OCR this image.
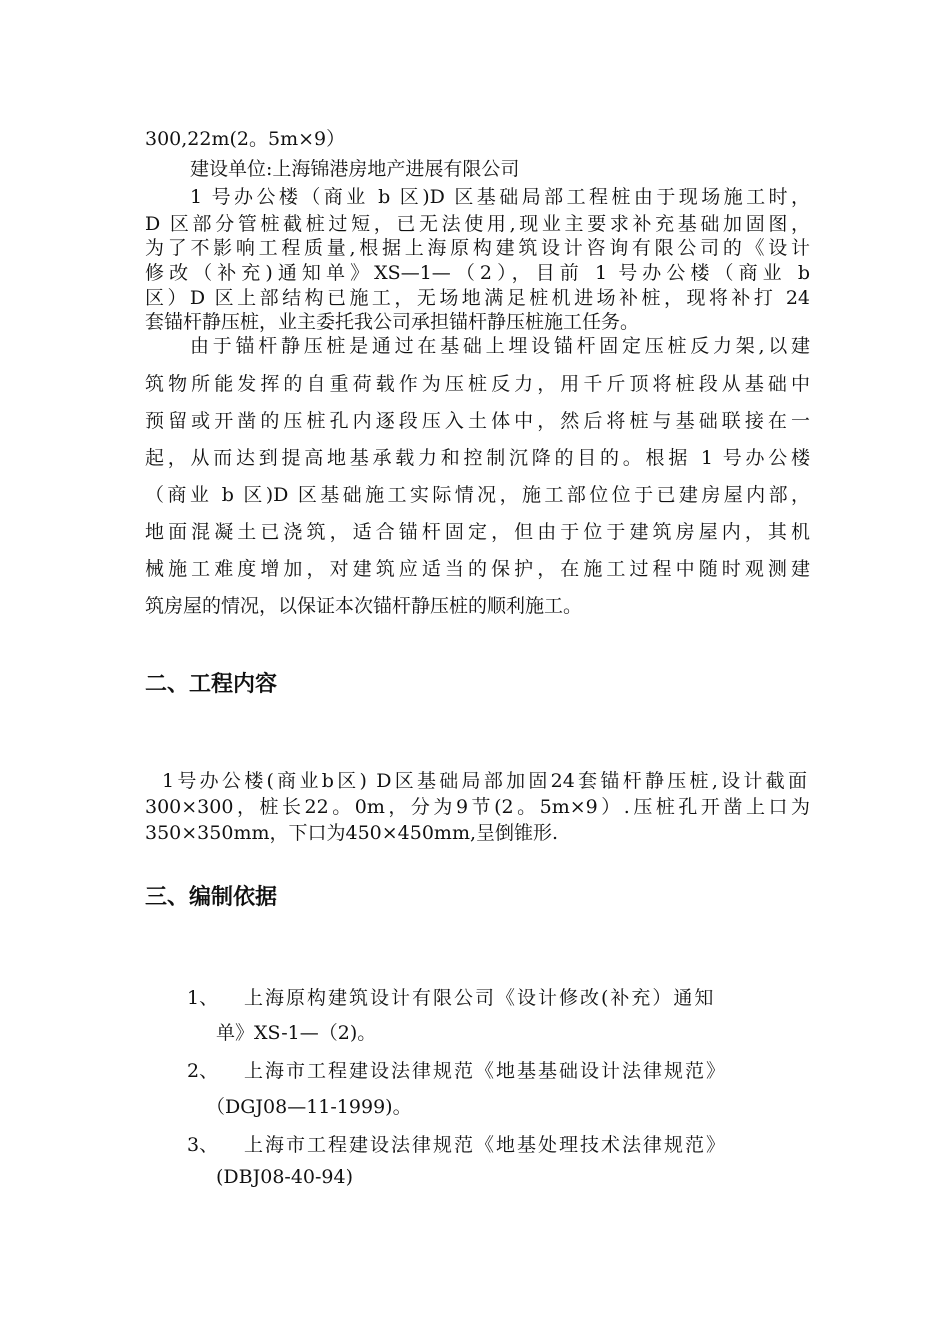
300,22m(2。5m×9）
建设单位:上海锦港房地产进展有限公司
1 号办公楼（商业 b 区)D 区基础局部工程桩由于现场施工时，
D 区部分管桩截桩过短，已无法使用,现业主要求补充基础加固图，
为了不影响工程质量,根据上海原构建筑设计咨询有限公司的《设计
修改（补充)通知单》XS—1—（2），目前 1 号办公楼（商业 b
区）D 区上部结构已施工，无场地满足桩机进场补桩，现将补打 24
套锚杆静压桩，业主委托我公司承担锚杆静压桩施工任务。
由于锚杆静压桩是通过在基础上埋设锚杆固定压桩反力架,以建
筑物所能发挥的自重荷载作为压桩反力，用千斤顶将桩段从基础中
预留或开凿的压桩孔内逐段压入土体中，然后将桩与基础联接在一
起，从而达到提高地基承载力和控制沉降的目的。根据 1 号办公楼
（商业 b 区)D 区基础施工实际情况，施工部位位于已建房屋内部，
地面混凝土已浇筑，适合锚杆固定，但由于位于建筑房屋内，其机
械施工难度增加，对建筑应适当的保护，在施工过程中随时观测建
筑房屋的情况，以保证本次锚杆静压桩的顺利施工。
二、工程内容
1号办公楼(商业b区) D区基础局部加固24套锚杆静压桩,设计截面
300×300，桩长22。0m，分为9节(2。5m×9）.压桩孔开凿上口为
350×350mm，下口为450×450mm,呈倒锥形.
三、编制依据
1、 上海原构建筑设计有限公司《设计修改(补充）通知
单》XS-1—（2)。
2、 上海市工程建设法律规范《地基基础设计法律规范》
（DGJ08—11-1999)。
3、 上海市工程建设法律规范《地基处理技术法律规范》
(DBJ08-40-94)
